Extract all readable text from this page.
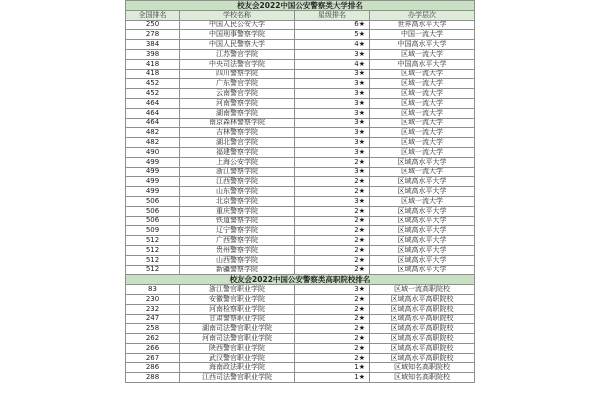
校友会2022中国公安警察类大学排名			
全国排名	学校名称	星级排名	办学层次
250	中国人民公安大学	6★	世界高水平大学
278	中国刑事警察学院	5★	中国一流大学
384	中国人民警察大学	4★	中国高水平大学
398	江苏警官学院	3★	区域一流大学
418	中央司法警官学院	4★	中国高水平大学
418	四川警察学院	3★	区域一流大学
452	广东警官学院	3★	区域一流大学
452	云南警官学院	3★	区域一流大学
464	河南警察学院	3★	区域一流大学
464	湖南警察学院	3★	区域一流大学
464	南京森林警察学院	3★	区域一流大学
482	吉林警察学院	3★	区域一流大学
482	湖北警官学院	3★	区域一流大学
490	福建警察学院	3★	区域一流大学
499	上海公安学院	2★	区域高水平大学
499	浙江警察学院	3★	区域一流大学
499	江西警察学院	2★	区域高水平大学
499	山东警察学院	2★	区域高水平大学
506	北京警察学院	3★	区域一流大学
506	重庆警察学院	2★	区域高水平大学
506	铁道警察学院	2★	区域高水平大学
509	辽宁警察学院	2★	区域高水平大学
512	广西警察学院	2★	区域高水平大学
512	贵州警察学院	2★	区域高水平大学
512	山西警察学院	2★	区域高水平大学
512	新疆警察学院	2★	区域高水平大学
校友会2022中国公安警察类高职院校排名			
83	浙江警官职业学院	3★	区域一流高职院校
230	安徽警官职业学院	2★	区域高水平高职院校
232	河南检察职业学院	2★	区域高水平高职院校
247	甘肃警察职业学院	2★	区域高水平高职院校
258	湖南司法警官职业学院	2★	区域高水平高职院校
262	河南司法警官职业学院	2★	区域高水平高职院校
266	陕西警官职业学院	2★	区域高水平高职院校
267	武汉警官职业学院	2★	区域高水平高职院校
286	海南政法职业学院	1★	区域知名高职院校
288	江西司法警官职业学院	1★	区域知名高职院校
